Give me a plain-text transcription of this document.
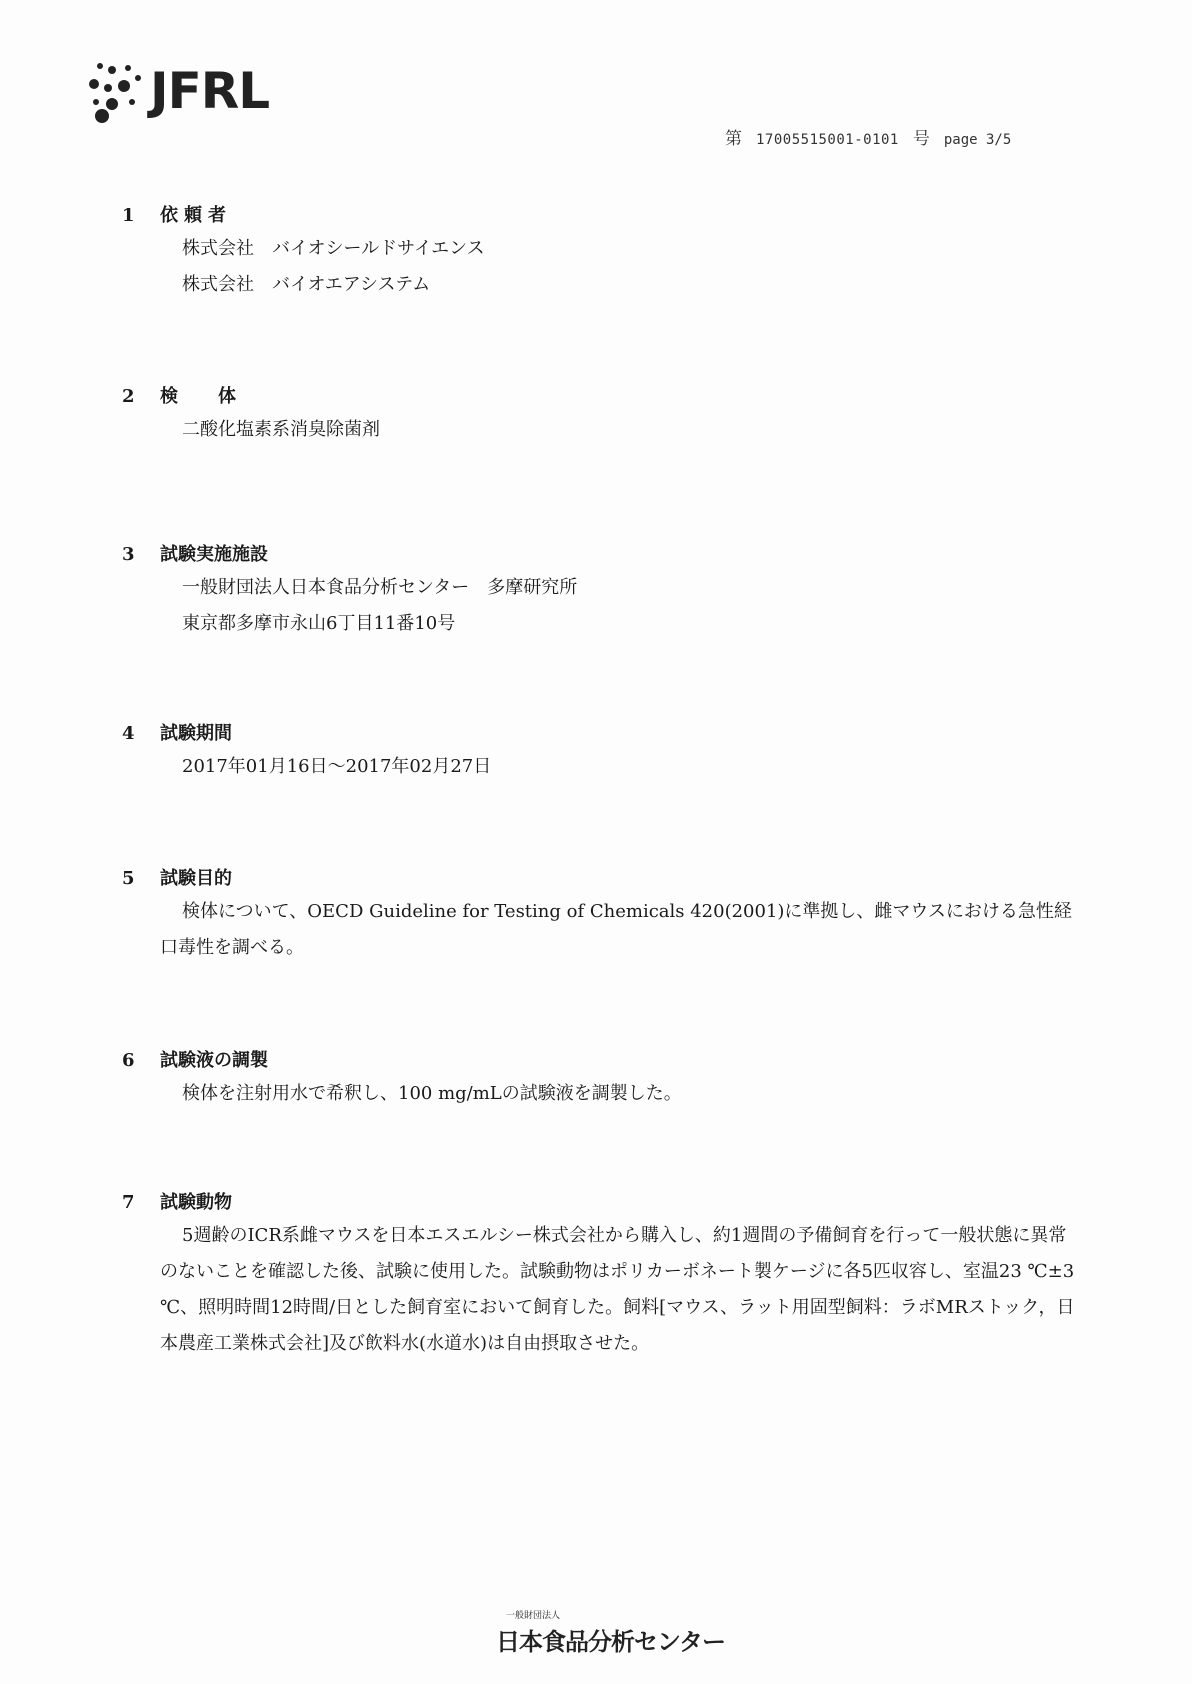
JFRL
第 17005515001-0101 号 page 3/5
1 依頼者
株式会社　バイオシールドサイエンス
株式会社　バイオエアシステム
2 検体
二酸化塩素系消臭除菌剤
3 試験実施施設
一般財団法人日本食品分析センター　多摩研究所
東京都多摩市永山6丁目11番10号
4 試験期間
2017年01月16日～2017年02月27日
5 試験目的
検体について、OECD Guideline for Testing of Chemicals 420(2001)に準拠し、雌マウスにおける急性経口毒性を調べる。
6 試験液の調製
検体を注射用水で希釈し、100 mg/mLの試験液を調製した。
7 試験動物
5週齢のICR系雌マウスを日本エスエルシー株式会社から購入し、約1週間の予備飼育を行って一般状態に異常のないことを確認した後、試験に使用した。試験動物はポリカーボネート製ケージに各5匹収容し、室温23 ℃±3 ℃、照明時間12時間/日とした飼育室において飼育した。飼料[マウス、ラット用固型飼料：ラボMRストック，日本農産工業株式会社]及び飲料水(水道水)は自由摂取させた。
一般財団法人
日本食品分析センター
